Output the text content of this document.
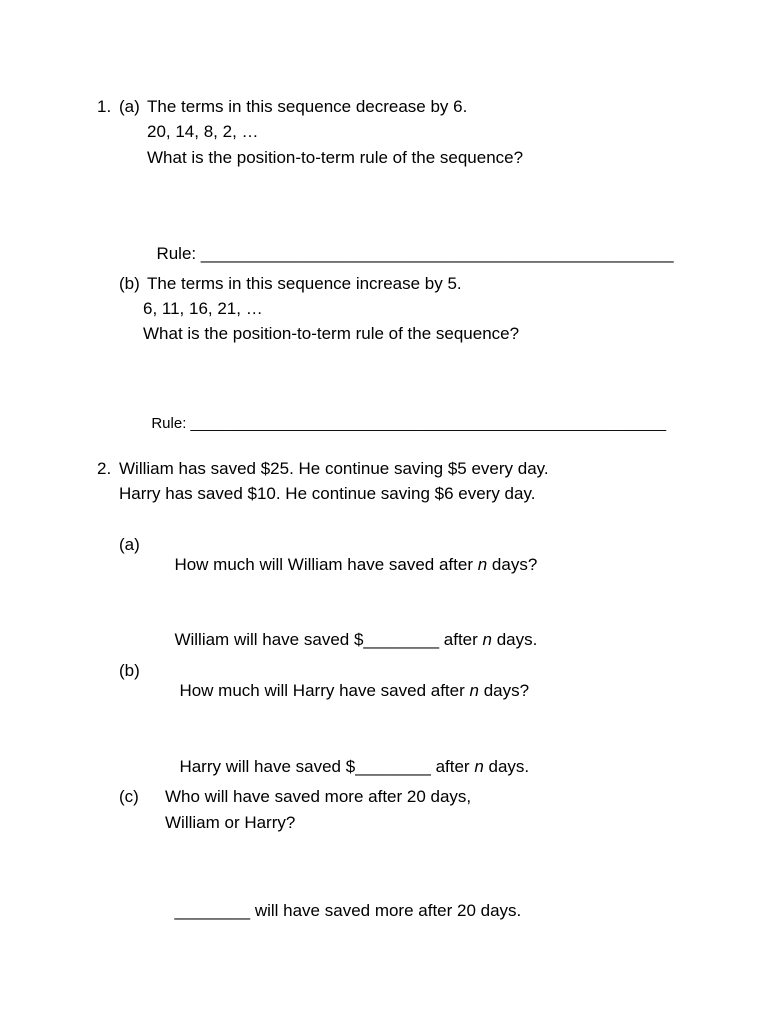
1. (a) The terms in this sequence decrease by 6.
20, 14, 8, 2, …
What is the position-to-term rule of the sequence?

Rule: __________________________________________________

(b) The terms in this sequence increase by 5.
6, 11, 16, 21, …
What is the position-to-term rule of the sequence?

Rule: _________________________________________________________

2. William has saved $25. He continue saving $5 every day.
Harry has saved $10. He continue saving $6 every day.
(a)

How much will William have saved after n days?

William will have saved $________ after n days.

(b)

How much will Harry have saved after n days?

Harry will have saved $________ after n days.

(c) Who will have saved more after 20 days,
William or Harry?

________ will have saved more after 20 days.
